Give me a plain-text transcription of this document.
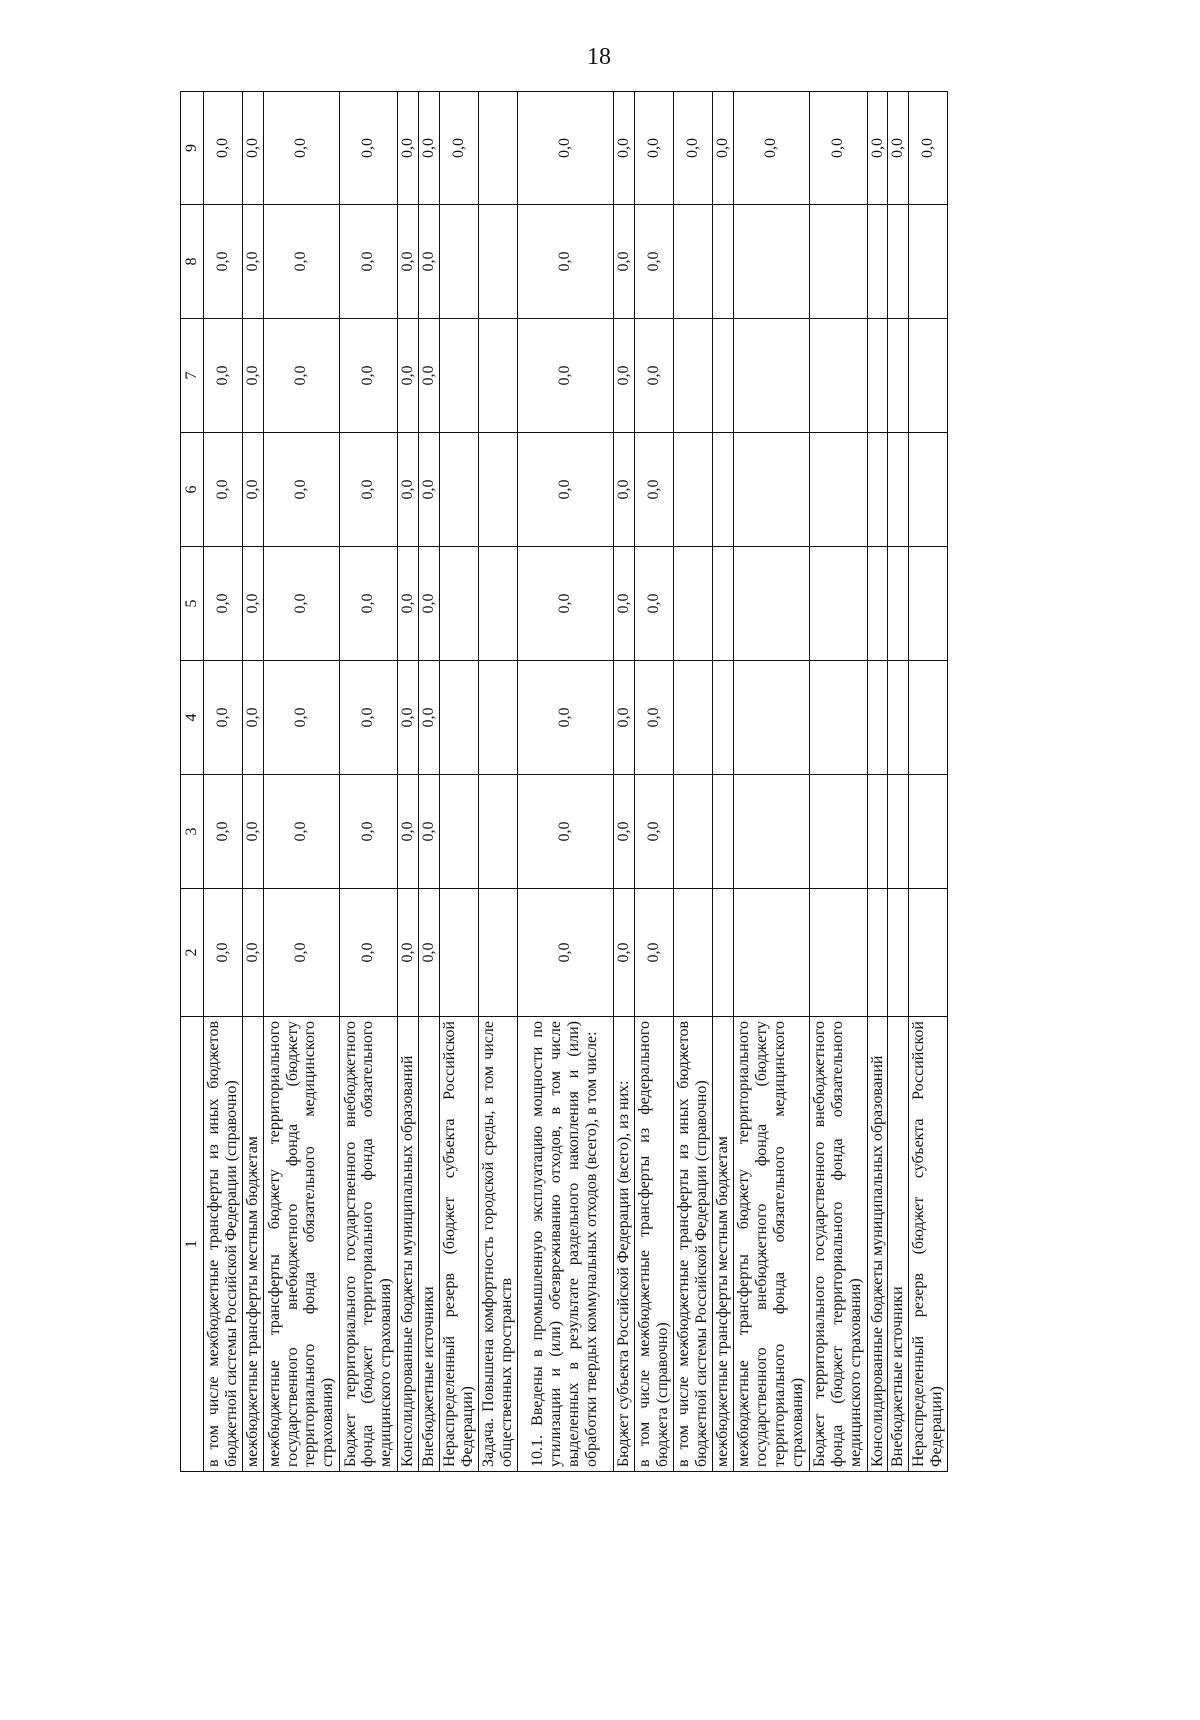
18
1	2	3	4	5	6	7	8	9
в том числе межбюджетные трансферты из иных бюджетов бюджетной системы Российской Федерации (справочно)	0,0	0,0	0,0	0,0	0,0	0,0	0,0	0,0
межбюджетные трансферты местным бюджетам	0,0	0,0	0,0	0,0	0,0	0,0	0,0	0,0
межбюджетные трансферты бюджету территориального государственного внебюджетного фонда (бюджету территориального фонда обязательного медицинского страхования)	0,0	0,0	0,0	0,0	0,0	0,0	0,0	0,0
Бюджет территориального государственного внебюджетного фонда (бюджет территориального фонда обязательного медицинского страхования)	0,0	0,0	0,0	0,0	0,0	0,0	0,0	0,0
Консолидированные бюджеты муниципальных образований	0,0	0,0	0,0	0,0	0,0	0,0	0,0	0,0
Внебюджетные источники	0,0	0,0	0,0	0,0	0,0	0,0	0,0	0,0
Нераспределенный резерв (бюджет субъекта Российской Федерации)								0,0
Задача. Повышена комфортность городской среды, в том числе общественных пространств								
10.1. Введены в промышленную эксплуатацию мощности по утилизации и (или) обезвреживанию отходов, в том числе выделенных в результате раздельного накопления и (или) обработки твердых коммунальных отходов (всего), в том числе:	0,0	0,0	0,0	0,0	0,0	0,0	0,0	0,0
Бюджет субъекта Российской Федерации (всего), из них:	0,0	0,0	0,0	0,0	0,0	0,0	0,0	0,0
в том числе межбюджетные трансферты из федерального бюджета (справочно)	0,0	0,0	0,0	0,0	0,0	0,0	0,0	0,0
в том числе межбюджетные трансферты из иных бюджетов бюджетной системы Российской Федерации (справочно)								0,0
межбюджетные трансферты местным бюджетам								0,0
межбюджетные трансферты бюджету территориального государственного внебюджетного фонда (бюджету территориального фонда обязательного медицинского страхования)								0,0
Бюджет территориального государственного внебюджетного фонда (бюджет территориального фонда обязательного медицинского страхования)								0,0
Консолидированные бюджеты муниципальных образований								0,0
Внебюджетные источники								0,0
Нераспределенный резерв (бюджет субъекта Российской Федерации)								0,0
